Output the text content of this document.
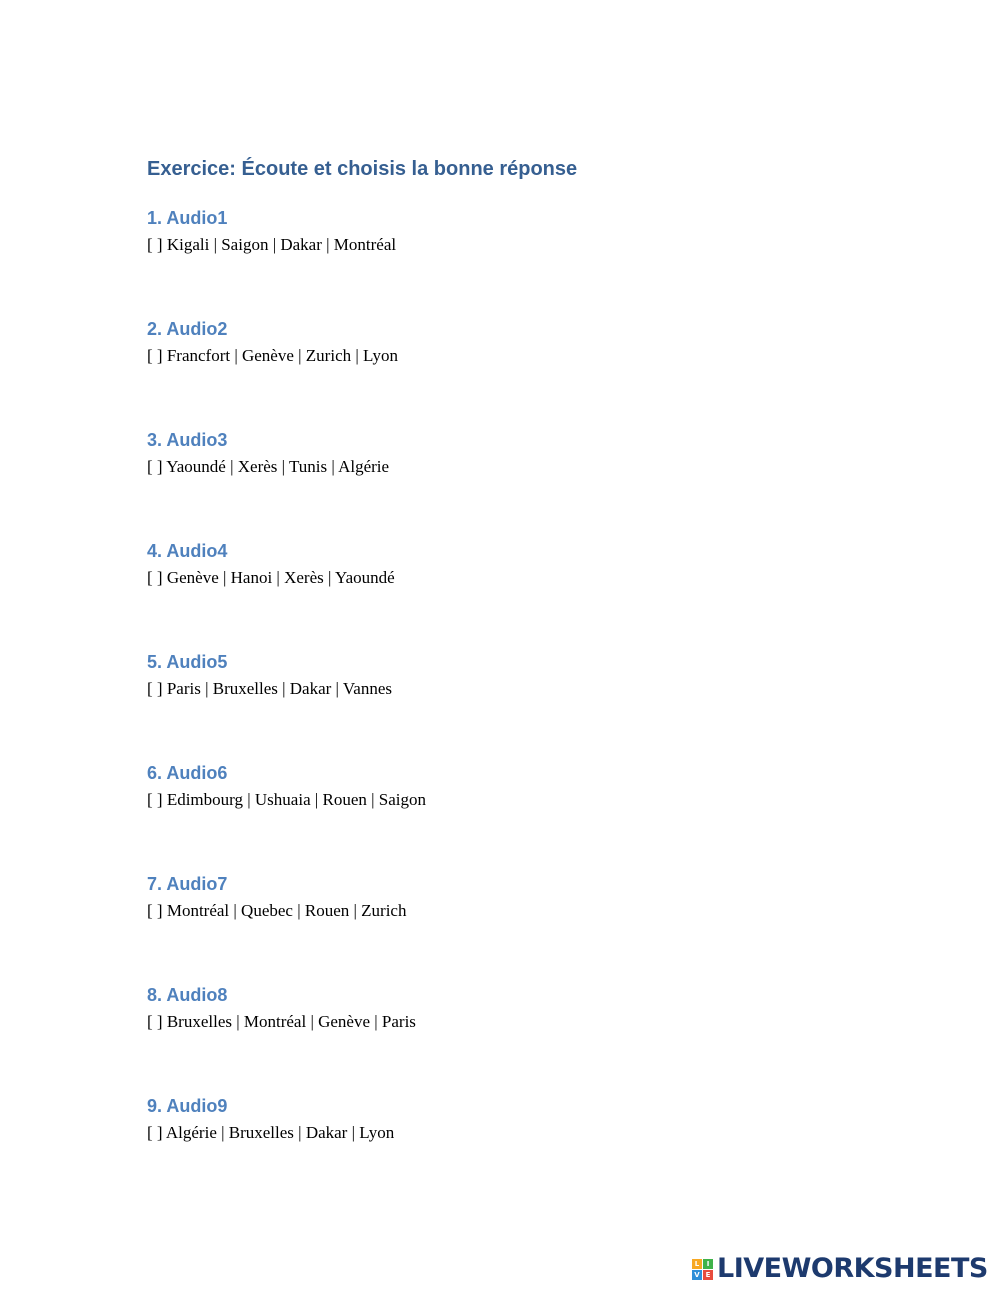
Exercice: Écoute et choisis la bonne réponse
1. Audio1

[ ] Kigali | Saigon | Dakar | Montréal

2. Audio2

[ ] Francfort | Genève | Zurich | Lyon

3. Audio3

[ ] Yaoundé | Xerès | Tunis | Algérie

4. Audio4

[ ] Genève | Hanoi | Xerès | Yaoundé

5. Audio5

[ ] Paris | Bruxelles | Dakar | Vannes

6. Audio6

[ ] Edimbourg | Ushuaia | Rouen | Saigon

7. Audio7

[ ] Montréal | Quebec | Rouen | Zurich

8. Audio8

[ ] Bruxelles | Montréal | Genève | Paris

9. Audio9

[ ] Algérie | Bruxelles | Dakar | Lyon

L	I
V E LIVEWORKSHEETS
